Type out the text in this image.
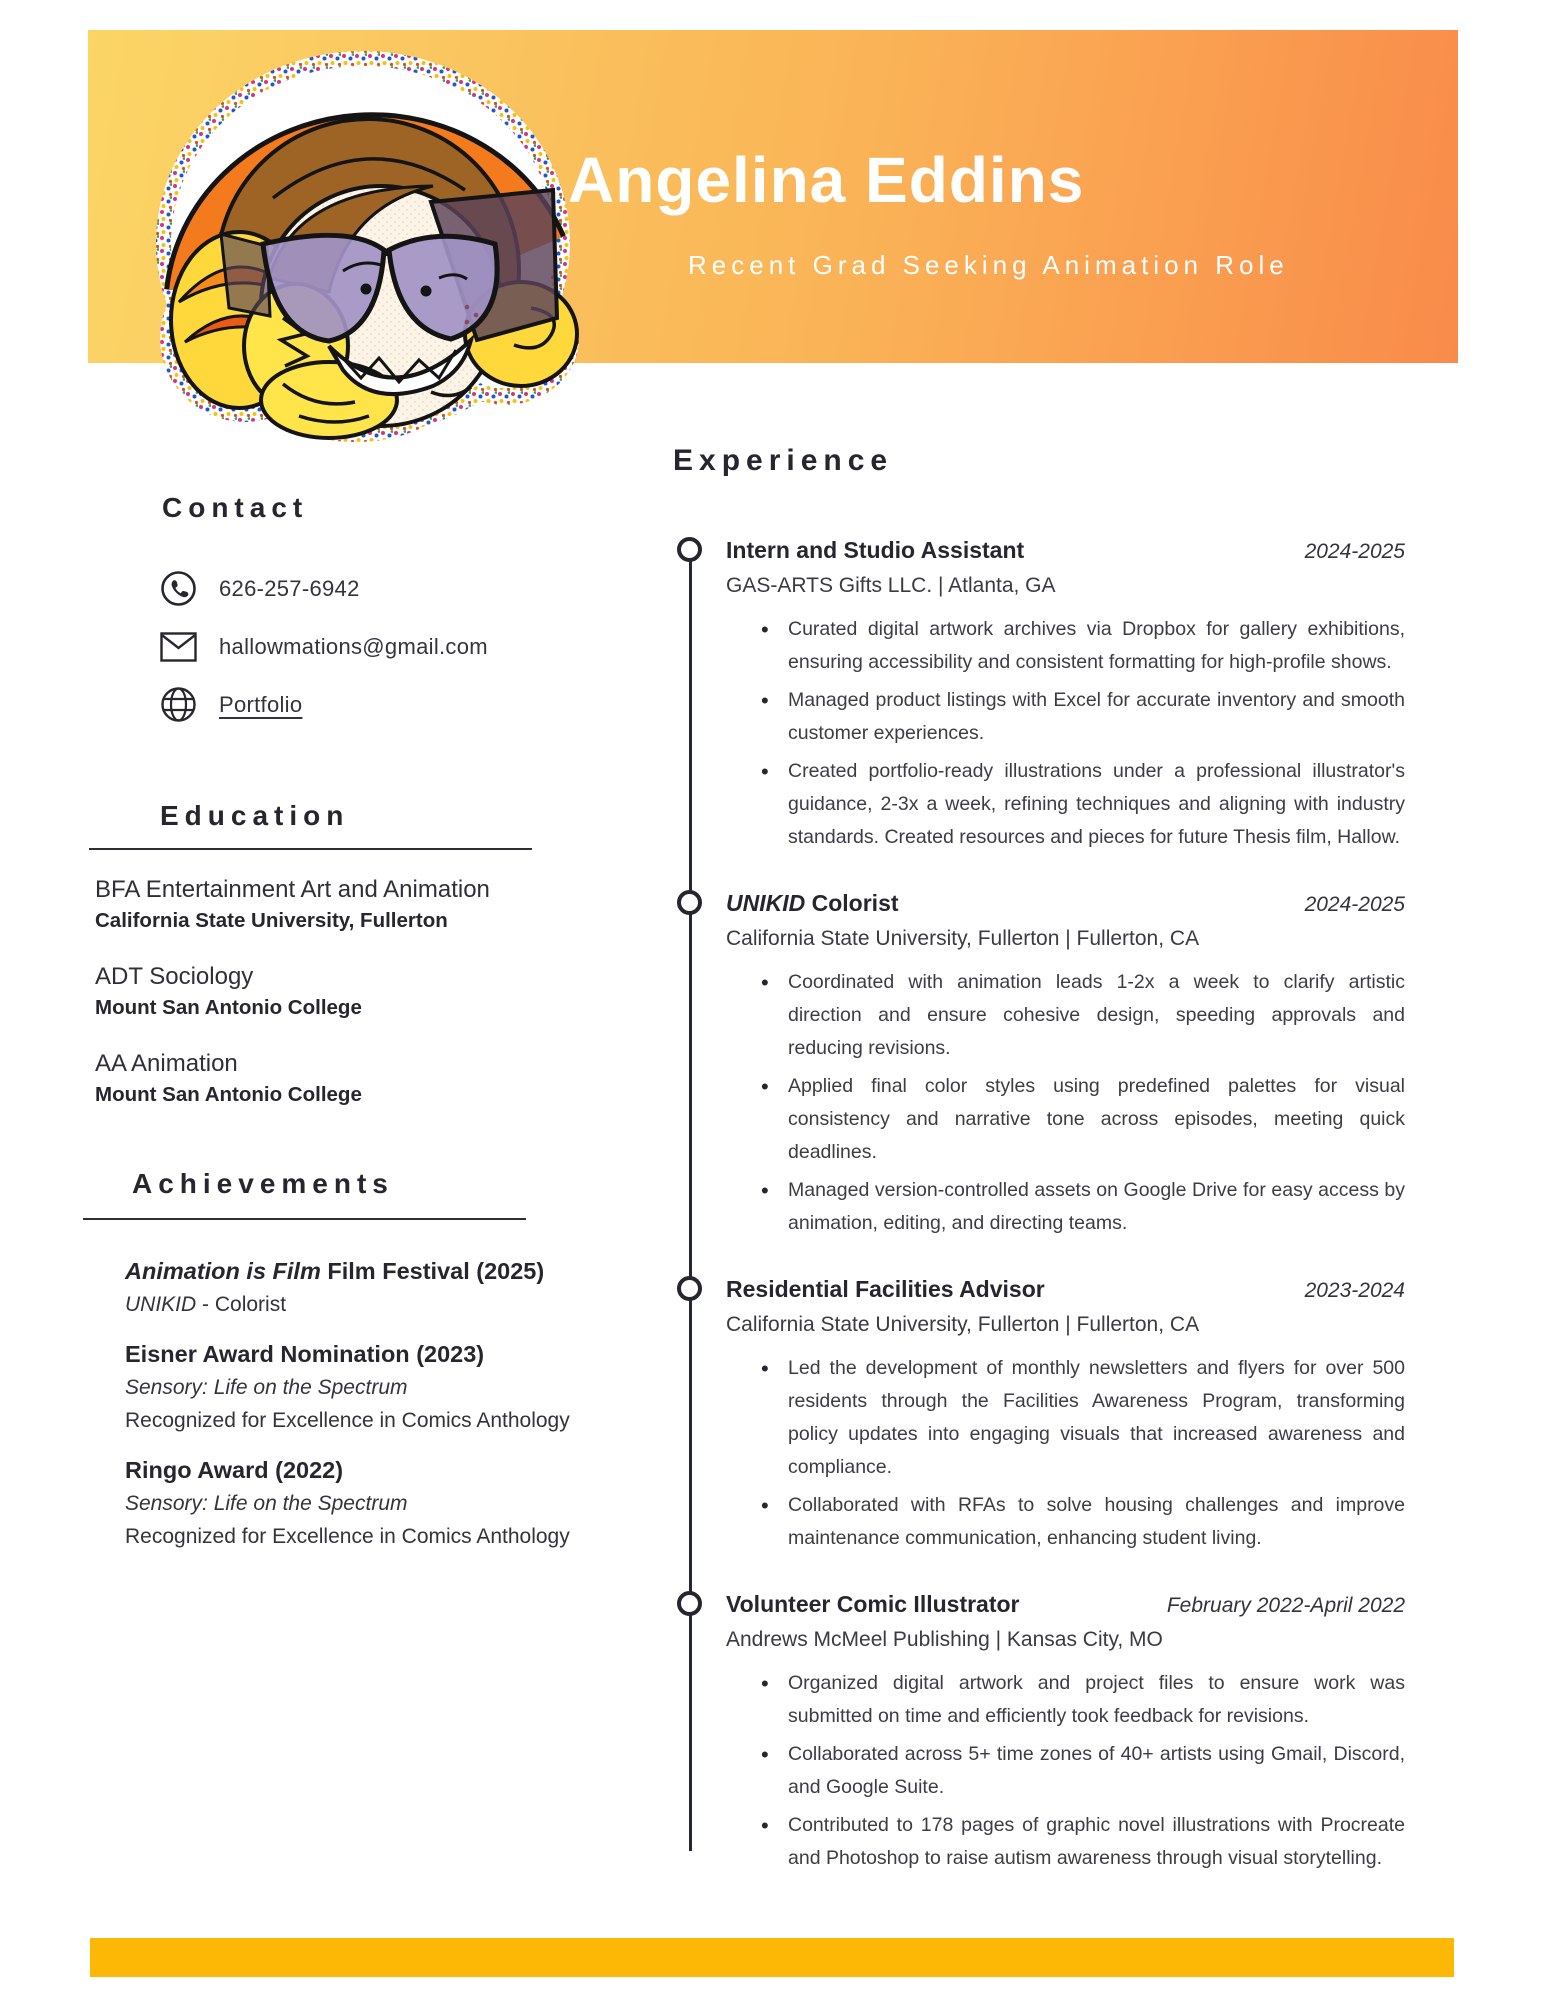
Angelina Eddins
Recent Grad Seeking Animation Role
Contact
626-257-6942
hallowmations@gmail.com
Portfolio
Education

BFA Entertainment Art and Animation

California State University, Fullerton

ADT Sociology

Mount San Antonio College

AA Animation

Mount San Antonio College

Achievements

Animation is Film Film Festival (2025)

UNIKID - Colorist

Eisner Award Nomination (2023)

Sensory: Life on the Spectrum

Recognized for Excellence in Comics Anthology

Ringo Award (2022)

Sensory: Life on the Spectrum

Recognized for Excellence in Comics Anthology

Experience
Intern and Studio Assistant	2024-2025

GAS-ARTS Gifts LLC. | Atlanta, GA

• Curated digital artwork archives via Dropbox for gallery exhibitions, ensuring accessibility and consistent formatting for high-profile shows.
• Managed product listings with Excel for accurate inventory and smooth customer experiences.
• Created portfolio-ready illustrations under a professional illustrator's guidance, 2-3x a week, refining techniques and aligning with industry standards. Created resources and pieces for future Thesis film, Hallow.
UNIKID Colorist	2024-2025

California State University, Fullerton | Fullerton, CA

• Coordinated with animation leads 1-2x a week to clarify artistic direction and ensure cohesive design, speeding approvals and reducing revisions.
• Applied final color styles using predefined palettes for visual consistency and narrative tone across episodes, meeting quick deadlines.
• Managed version-controlled assets on Google Drive for easy access by animation, editing, and directing teams.
Residential Facilities Advisor	2023-2024

California State University, Fullerton | Fullerton, CA

• Led the development of monthly newsletters and flyers for over 500 residents through the Facilities Awareness Program, transforming policy updates into engaging visuals that increased awareness and compliance.
• Collaborated with RFAs to solve housing challenges and improve maintenance communication, enhancing student living.
Volunteer Comic Illustrator	February 2022-April 2022

Andrews McMeel Publishing | Kansas City, MO

• Organized digital artwork and project files to ensure work was submitted on time and efficiently took feedback for revisions.
• Collaborated across 5+ time zones of 40+ artists using Gmail, Discord, and Google Suite.
• Contributed to 178 pages of graphic novel illustrations with Procreate and Photoshop to raise autism awareness through visual storytelling.
